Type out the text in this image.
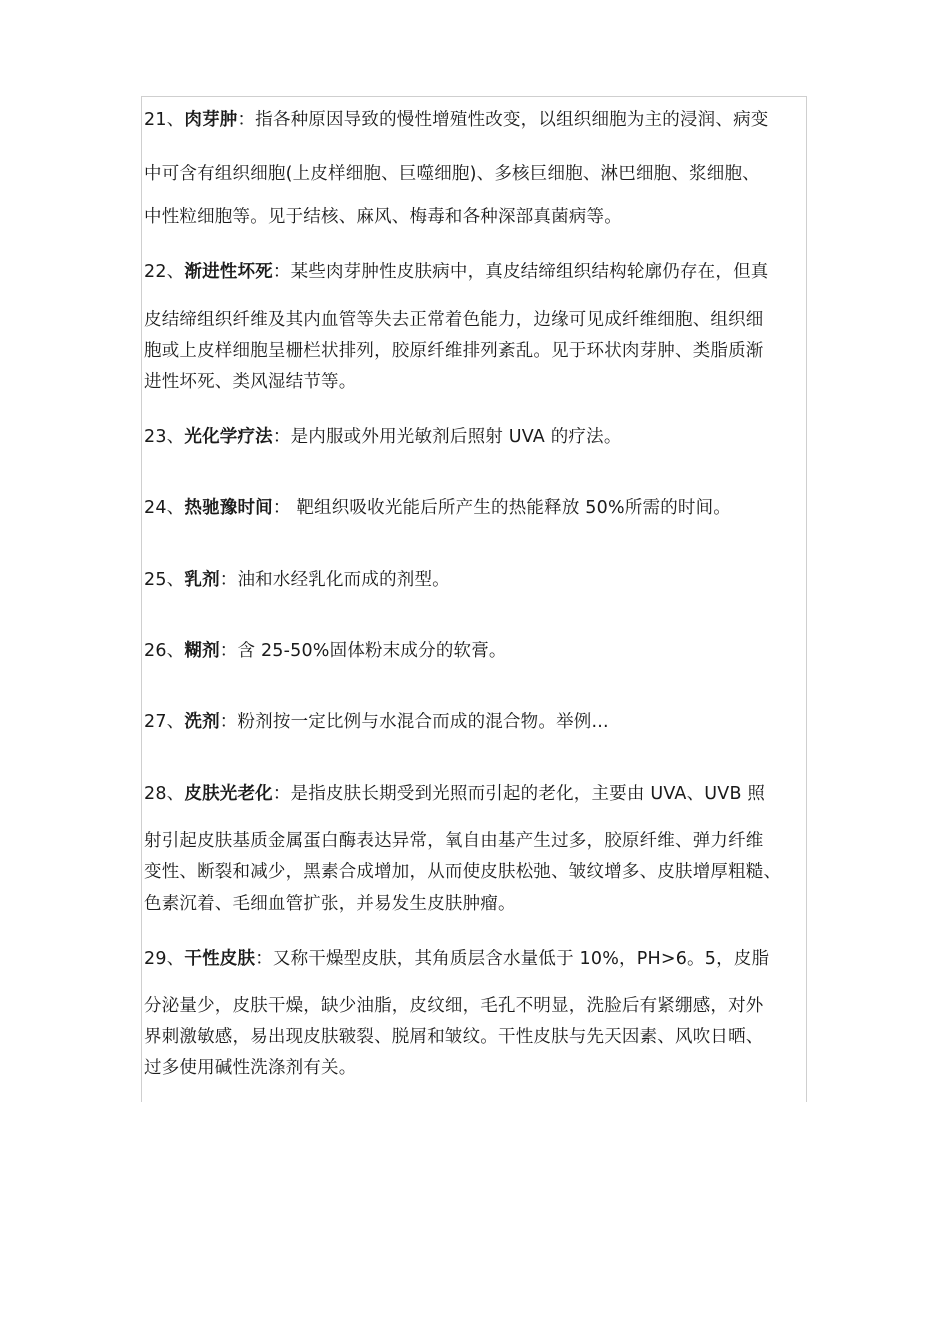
21、肉芽肿：指各种原因导致的慢性增殖性改变，以组织细胞为主的浸润、病变
中可含有组织细胞(上皮样细胞、巨噬细胞)、多核巨细胞、淋巴细胞、浆细胞、
中性粒细胞等。见于结核、麻风、梅毒和各种深部真菌病等。
22、渐进性坏死：某些肉芽肿性皮肤病中，真皮结缔组织结构轮廓仍存在，但真
皮结缔组织纤维及其内血管等失去正常着色能力，边缘可见成纤维细胞、组织细
胞或上皮样细胞呈栅栏状排列，胶原纤维排列紊乱。见于环状肉芽肿、类脂质渐
进性坏死、类风湿结节等。
23、光化学疗法：是内服或外用光敏剂后照射 UVA 的疗法。
24、热驰豫时间： 靶组织吸收光能后所产生的热能释放 50%所需的时间。
25、乳剂：油和水经乳化而成的剂型。
26、糊剂：含 25-50%固体粉末成分的软膏。
27、洗剂：粉剂按一定比例与水混合而成的混合物。举例...
28、皮肤光老化：是指皮肤长期受到光照而引起的老化，主要由 UVA、UVB 照
射引起皮肤基质金属蛋白酶表达异常，氧自由基产生过多，胶原纤维、弹力纤维
变性、断裂和减少，黑素合成增加，从而使皮肤松弛、皱纹增多、皮肤增厚粗糙、
色素沉着、毛细血管扩张，并易发生皮肤肿瘤。
29、干性皮肤：又称干燥型皮肤，其角质层含水量低于 10%，PH>6。5，皮脂
分泌量少，皮肤干燥，缺少油脂，皮纹细，毛孔不明显，洗脸后有紧绷感，对外
界刺激敏感，易出现皮肤皲裂、脱屑和皱纹。干性皮肤与先天因素、风吹日晒、
过多使用碱性洗涤剂有关。
